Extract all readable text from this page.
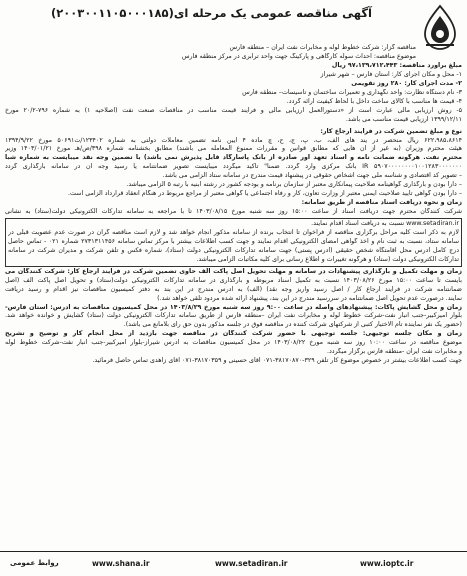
آگهی مناقصه عمومی یک مرحله ای(۲۰۰۳۰۰۱۱۰۵۰۰۰۱۸۵)
مناقصه گزار: شرکت خطوط لوله و مخابرات نفت ایران – منطقه فارس
موضوع مناقصه: احداث سوله کارگاهی و پارکینگ جهت واحد ترابری در مرکز منطقه فارس
مبلغ برآورد مناقصه: ۹۷،۱۳۹،۷۱۲،۴۴۳ ریال
۱- محل و مکان اجرای کار: استان فارس – شهر شیراز
۲- مدت اجرای کار: ۲۸۰ روز تقویمی
۳- نام دستگاه نظارت: واحد نگهداری و تعمیرات ساختمان و تأسیسات– منطقه فارس
۴- قیمت ها مناسب با کالای ساخت داخل با لحاظ کیفیت ارائه گردد.
۵- روش ارزیابی مالی عبارت است از «دستورالعمل ارزیابی مالی و فرآیند قیمت مناسب در مناقصات صنعت نفت (اصلاحیه ۱) به شماره ۷۹۶-۲۰/۲ مورخ
۱۳۹۹/۱۲/۱۱ ارزیابی قیمت مناسب می باشد.
نوع و مبلغ تضمین شرکت در فرآیند ارجاع کار:
۶۲۲،۹۸۵،۸۶۱۴ ریال منحصر در یند های الف، ب، پ، ج، ح، چ ماده ۴ آیین نامه تضمین معاملات دولتی به شماره ۱۲۳۴۰۲/ت۵۰۶۹۱ مورخ ۱۳۹۴/۹/۲۲
هیئت محترم وزیران (به غیر از آن هایی که مطابق قوانین و مقررات ممنوع المعامله می باشند) مطابق بخشنامه شماره ۳۹۸/ص/هـ مورخ ۱۴۰۳/۰۱/۲۱ وزیر
محترم نفت. هرگونه ضمانت نامه و اسناد تعهد آور صادره از بانک پاسارگاد قابل پذیرش نمی باشد) با تضمین وجه نقد میبایست به شماره شبا
IR ۵۹۰۷۰۰۰۰۰۰۰۰۱۰۰۱۲۸۳۰۰۰۰۰۰۰ بانک مرکزی وارد گردد. ضمنا" تاکید میگردد میبایست تصویر ضمانتنامه یا رسید وجه آن در سامانه بارگذاری گردد
– تصویر کد اقتصادی و شناسه ملی جهت اشخاص حقوقی در پیشنهاد قیمت مندرج در سامانه ستاد الزامی می باشد.
– دارا بودن و بارگذاری گواهینامه صلاحیت پیمانکاری معتبر از سازمان برنامه و بودجه کشور در رشته ابنیه با رتبه ۵ الزامی میباشد.
– دارا بودن گواهی تایید صلاحیت ایمنی معتبر از وزارت تعاون، کار و رفاه اجتماعی یا گواهی معتبر از مراجع مربوط در هنگام انعقاد قرارداد الزامی است.
زمان و نحوه دریافت اسناد مناقصه از طریق سامانه:
شرکت کنندگان محترم جهت دریافت اسناد از ساعت ۱۵:۰۰ روز سه شنبه مورخ ۱۴۰۳/۰۸/۱۵ تا با مراجعه به سامانه تدارکات الکترونیکی دولت(ستاد) به نشانی
www.setadiran.ir نسبت به دریافت اسناد اقدام نمایند.
لازم به ذکر است کلیه مراحل برگزاری مناقصه از فراخوان تا انتخاب برنده از سامانه مذکور انجام خواهد شد و لازم است مناقصه گران در صورت عدم عضویت قبلی در
سامانه ستاد، نسبت به ثبت نام و اخذ گواهی امضای الکترونیکی اقدام نمایند و جهت کسب اطلاعات بیشتر با مرکز تماس سامانه ۲۷۳۱۳۱۱۴۵۶ شماره ۰۲۱ - تماس حاصل
درج کامل آدرس محل اقامتگاه شخص حقیقی (آدرس پستی) جهت سامانه تدارکات الکترونیکی دولت (ستاد)، شماره فکس و تلفن شرکت و مدیران شرکت در سامانه
تدارکات الکترونیکی دولت (ستاد) و هرگونه تغییرات و اطلاع رسانی برای کلیه مکاتبات الزامی میباشد.
زمان و مهلت تکمیل و بارگذاری پیشنهادات در سامانه و مهلت تحویل اصل پاکت الف حاوی تضمین شرکت در فرآیند ارجاع کار: شرکت کنندگان می
بایست تا ساعت ۱۵:۰۰ مورخ ۱۴۰۳/۰۸/۲۶ نسبت به تکمیل اسناد مربوطه و بارگذاری در سامانه تدارکات الکترونیکی دولت(ستاد) و تحویل اصل پاکت الف (اصل
ضمانتنامه شرکت در فرآیند ارجاع کار / اصل رسید واریز وجه نقد) (الف) به آدرس مندرج در این بند به دفتر کمیسیون مناقصات نیز اقدام و رسید دریافت
نمایند. درصورت عدم تحویل اصل ضمانتنامه در سررسید مندرج در این بند، پیشنهاد ارائه شده مردود تلقی خواهد شد.)
زمان و محل گشایش پاکات: پیشنهادهای واصله در ساعت ۹:۰۰ روز سه شنبه مورخ ۱۴۰۳/۸/۲۹ در محل کمیسیون مناقصات به آدرس: استان فارس-
بلوار امیرکبیر-جنب انبار نفت-شرکت خطوط لوله و مخابرات نفت ایران –منطقه فارس از طریق سامانه تدارکات الکترونیکی دولت (ستاد) گشایش و خوانده خواهد شد.
(حضور یک نفر نماینده تام الاختیار کتبی از شرکتهای شرکت کننده در مناقصه فوق در جلسه مذکور بدون حق رای بلامانع می باشد).
زمان و مکان جلسه توجیهی: جلسه توجیهی با حضور شرکت کنندگان در مناقصه جهت بازدید از محل انجام کار و توضیح و تشریح
موضوع مناقصه در ساعت ۱۰:۰۰ روز سه شنبه مورخ ۱۴۰۳/۰۸/۲۲ در محل کمیسیون مناقصات به آدرس شیراز-بلوار امیرکبیر-جنب انبار نفت-شرکت خطوط لوله
و مخابرات نفت ایران -منطقه فارس برگزار میگردد.
جهت کسب اطلاعات بیشتر در خصوص موضوع کار تلفن ۳۲۹-۳۸۱۷۰۸۷۰-۰۷۱ آقای حسینی و ۳۸۱۷۰۳۵۹-۰۷۱ آقای زاهدی تماس حاصل فرمائید.
روابط عمومی	www.shana.ir	www.setadiran.ir	www.ioptc.ir
